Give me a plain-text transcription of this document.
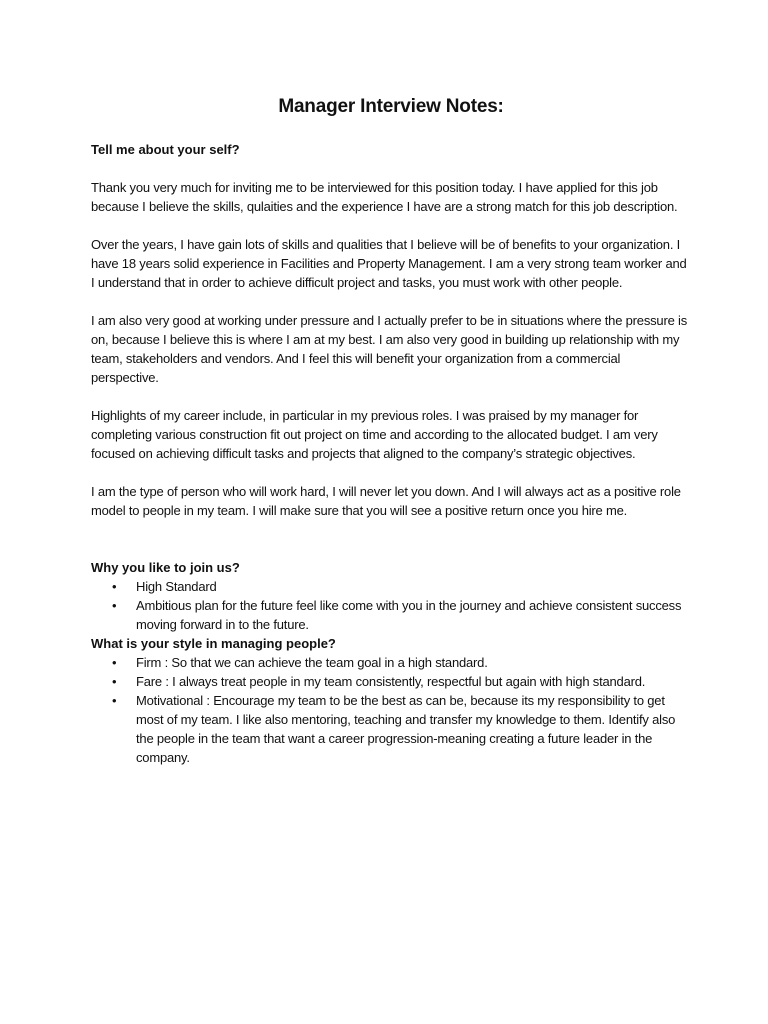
Manager Interview Notes:

Tell me about your self?

Thank you very much for inviting me to be interviewed for this position today. I have applied for this job because I believe the skills, qulaities and the experience I have are a strong match for this job description.

Over the years, I have gain lots of skills and qualities that I believe will be of benefits to your organization. I have 18 years solid experience in Facilities and Property Management. I am a very strong team worker and I understand that in order to achieve difficult project and tasks, you must work with other people.

I am also very good at working under pressure and I actually prefer to be in situations where the pressure is on, because I believe this is where I am at my best. I am also very good in building up relationship with my team, stakeholders and vendors. And I feel this will benefit your organization from a commercial perspective.

Highlights of my career include, in particular in my previous roles. I was praised by my manager for completing various construction fit out project on time and according to the allocated budget. I am very focused on achieving difficult tasks and projects that aligned to the company’s strategic objectives.

I am the type of person who will work hard, I will never let you down. And I will always act as a positive role model to people in my team. I will make sure that you will see a positive return once you hire me.

Why you like to join us?

• High Standard
• Ambitious plan for the future feel like come with you in the journey and achieve consistent success moving forward in to the future.

What is your style in managing people?

• Firm : So that we can achieve the team goal in a high standard.
• Fare : I always treat people in my team consistently, respectful but again with high standard.
• Motivational : Encourage my team to be the best as can be, because its my responsibility to get most of my team. I like also mentoring, teaching and transfer my knowledge to them. Identify also the people in the team that want a career progression-meaning creating a future leader in the company.
